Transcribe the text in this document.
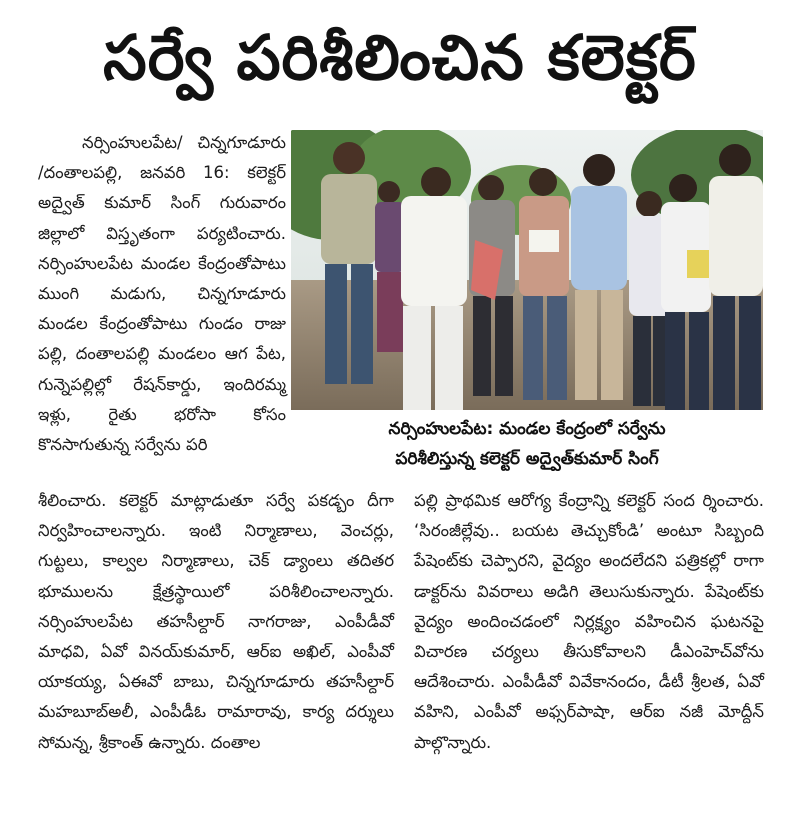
సర్వే పరిశీలించిన కలెక్టర్

నర్సింహులపేట/ చిన్నగూడూరు /దంతాలపల్లి, జనవరి 16: కలెక్టర్ అద్వైత్ కుమార్ సింగ్ గురువారం జిల్లాలో విస్తృతంగా పర్యటించారు. నర్సింహులపేట మండల కేంద్రంతోపాటు ముంగి మడుగు, చిన్నగూడూరు మండల కేంద్రంతోపాటు గుండం రాజు పల్లి, దంతాలపల్లి మండలం ఆగ పేట, గున్నెపల్లిల్లో రేషన్‌కార్డు, ఇందిరమ్మ ఇళ్లు, రైతు భరోసా కోసం కొనసాగుతున్న సర్వేను పరి

నర్సింహులపేట: మండల కేంద్రంలో సర్వేను
పరిశీలిస్తున్న కలెక్టర్ అద్వైత్‌కుమార్ సింగ్

శీలించారు. కలెక్టర్ మాట్లాడుతూ సర్వే పకడ్బం దీగా నిర్వహించాలన్నారు. ఇంటి నిర్మాణాలు, వెంచర్లు, గుట్టలు, కాల్వల నిర్మాణాలు, చెక్ డ్యాంలు తదితర భూములను క్షేత్రస్థాయిలో పరిశీలించాలన్నారు. నర్సింహులపేట తహసీల్దార్ నాగరాజు, ఎంపీడీవో మాధవి, ఏవో వినయ్‌కుమార్, ఆర్‌ఐ అఖిల్, ఎంపీవో యాకయ్య, ఏఈవో బాబు, చిన్నగూడూరు తహసీల్దార్ మహబూబ్‌అలీ, ఎంపీడీఓ రామారావు, కార్య దర్శులు సోమన్న, శ్రీకాంత్ ఉన్నారు. దంతాల

పల్లి ప్రాథమిక ఆరోగ్య కేంద్రాన్ని కలెక్టర్ సంద ర్శించారు. ‘సిరంజీల్లేవు.. బయట తెచ్చుకోండి’ అంటూ సిబ్బంది పేషెంట్‌కు చెప్పారని, వైద్యం అందలేదని పత్రికల్లో రాగా డాక్టర్‌ను వివరాలు అడిగి తెలుసుకున్నారు. పేషెంట్‌కు వైద్యం అందించడంలో నిర్లక్ష్యం వహించిన ఘటనపై విచారణ చర్యలు తీసుకోవాలని డీఎంహెచ్‌వోను ఆదేశించారు. ఎంపీడీవో వివేకానందం, డీటీ శ్రీలత, ఏవో వహిని, ఎంపీవో అఫ్సర్‌పాషా, ఆర్‌ఐ నజీ మోద్దీన్ పాల్గొన్నారు.
